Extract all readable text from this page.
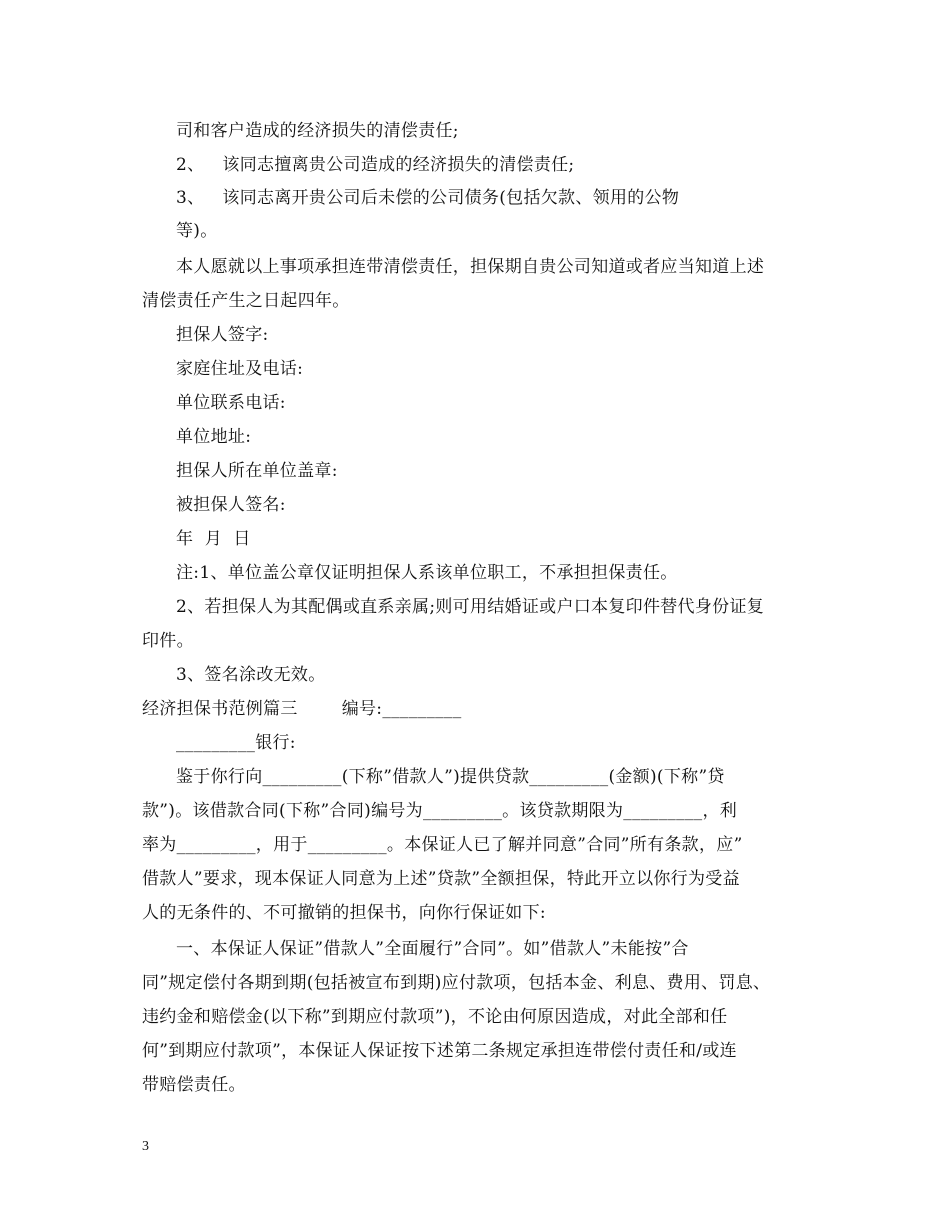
司和客户造成的经济损失的清偿责任;
2、 该同志擅离贵公司造成的经济损失的清偿责任;
3、 该同志离开贵公司后未偿的公司债务(包括欠款、领用的公物
等)。
本人愿就以上事项承担连带清偿责任，担保期自贵公司知道或者应当知道上述
清偿责任产生之日起四年。
担保人签字:
家庭住址及电话:
单位联系电话:
单位地址:
担保人所在单位盖章:
被担保人签名:
年  月  日
注:1、单位盖公章仅证明担保人系该单位职工，不承担担保责任。
2、若担保人为其配偶或直系亲属;则可用结婚证或户口本复印件替代身份证复
印件。
3、签名涂改无效。
经济担保书范例篇三	编号:_________
_________银行:
鉴于你行向_________(下称”借款人”)提供贷款_________(金额)(下称”贷
款”)。该借款合同(下称”合同)编号为_________。该贷款期限为_________，利
率为_________，用于_________。本保证人已了解并同意”合同”所有条款，应”
借款人”要求，现本保证人同意为上述”贷款”全额担保，特此开立以你行为受益
人的无条件的、不可撤销的担保书，向你行保证如下:
一、本保证人保证”借款人”全面履行”合同”。如”借款人”未能按”合
同”规定偿付各期到期(包括被宣布到期)应付款项，包括本金、利息、费用、罚息、
违约金和赔偿金(以下称”到期应付款项”)，不论由何原因造成，对此全部和任
何”到期应付款项”，本保证人保证按下述第二条规定承担连带偿付责任和/或连
带赔偿责任。
3
